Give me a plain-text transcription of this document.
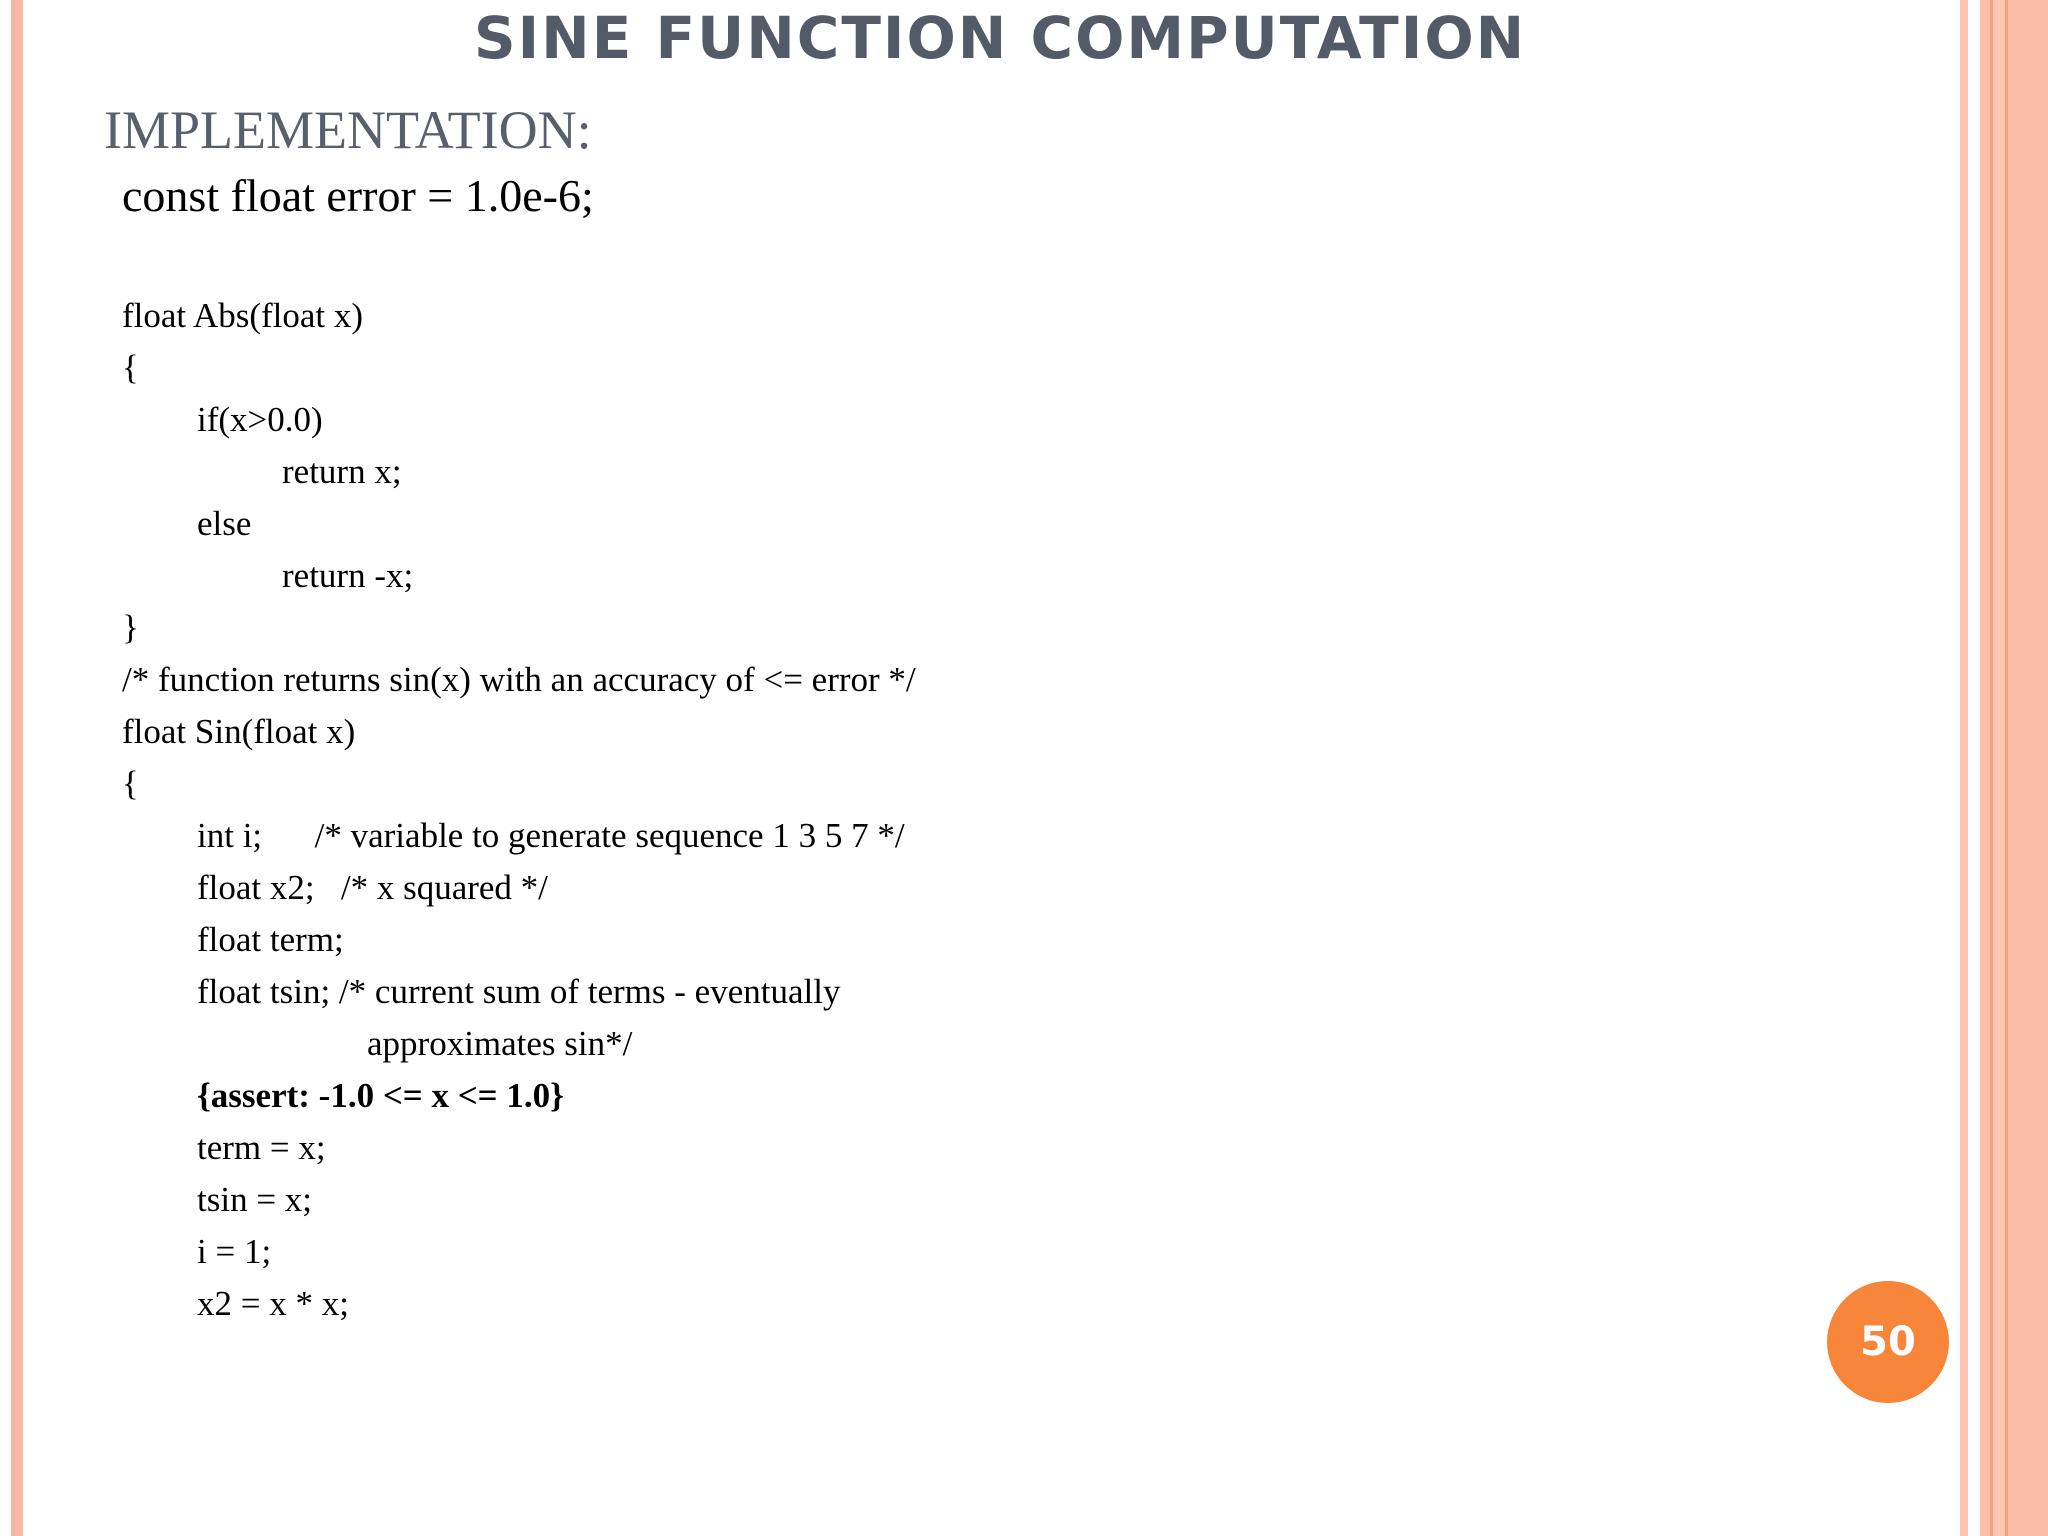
SINE FUNCTION COMPUTATION
IMPLEMENTATION:
const float error = 1.0e-6;
float Abs(float x)
{
if(x>0.0)
return x;
else
return -x;
}
/* function returns sin(x) with an accuracy of <= error */
float Sin(float x)
{
int i;      /* variable to generate sequence 1 3 5 7 */
float x2;   /* x squared */
float term;
float tsin; /* current sum of terms - eventually
approximates sin*/
{assert: -1.0 <= x <= 1.0}
term = x;
tsin = x;
i = 1;
x2 = x * x;
50
